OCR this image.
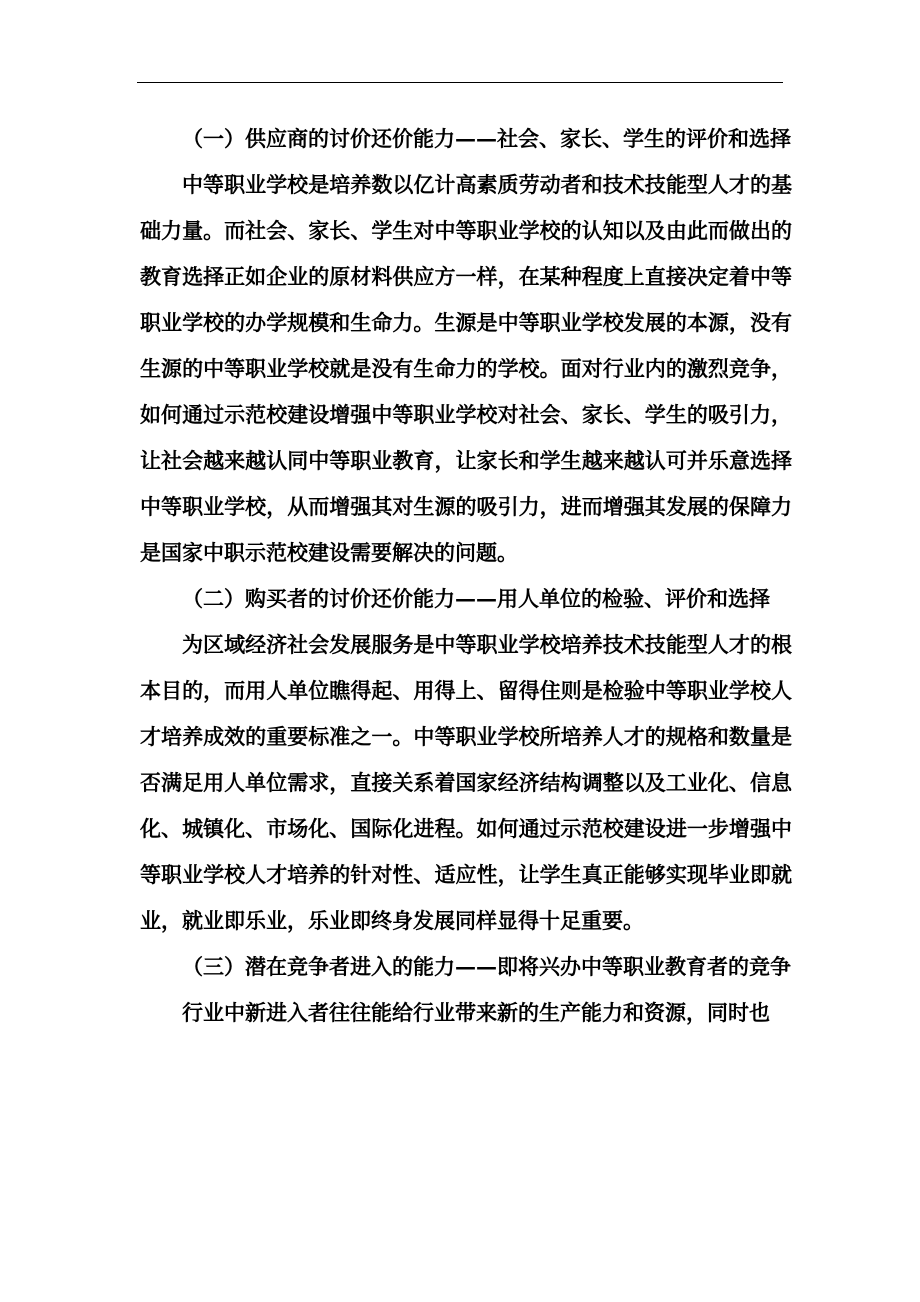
（一）供应商的讨价还价能力——社会、家长、学生的评价和选择

中等职业学校是培养数以亿计高素质劳动者和技术技能型人才的基础力量。而社会、家长、学生对中等职业学校的认知以及由此而做出的教育选择正如企业的原材料供应方一样，在某种程度上直接决定着中等职业学校的办学规模和生命力。生源是中等职业学校发展的本源，没有生源的中等职业学校就是没有生命力的学校。面对行业内的激烈竞争，如何通过示范校建设增强中等职业学校对社会、家长、学生的吸引力，让社会越来越认同中等职业教育，让家长和学生越来越认可并乐意选择中等职业学校，从而增强其对生源的吸引力，进而增强其发展的保障力是国家中职示范校建设需要解决的问题。

（二）购买者的讨价还价能力——用人单位的检验、评价和选择

为区域经济社会发展服务是中等职业学校培养技术技能型人才的根本目的，而用人单位瞧得起、用得上、留得住则是检验中等职业学校人才培养成效的重要标准之一。中等职业学校所培养人才的规格和数量是否满足用人单位需求，直接关系着国家经济结构调整以及工业化、信息化、城镇化、市场化、国际化进程。如何通过示范校建设进一步增强中等职业学校人才培养的针对性、适应性，让学生真正能够实现毕业即就业，就业即乐业，乐业即终身发展同样显得十足重要。

（三）潜在竞争者进入的能力——即将兴办中等职业教育者的竞争

行业中新进入者往往能给行业带来新的生产能力和资源，同时也
